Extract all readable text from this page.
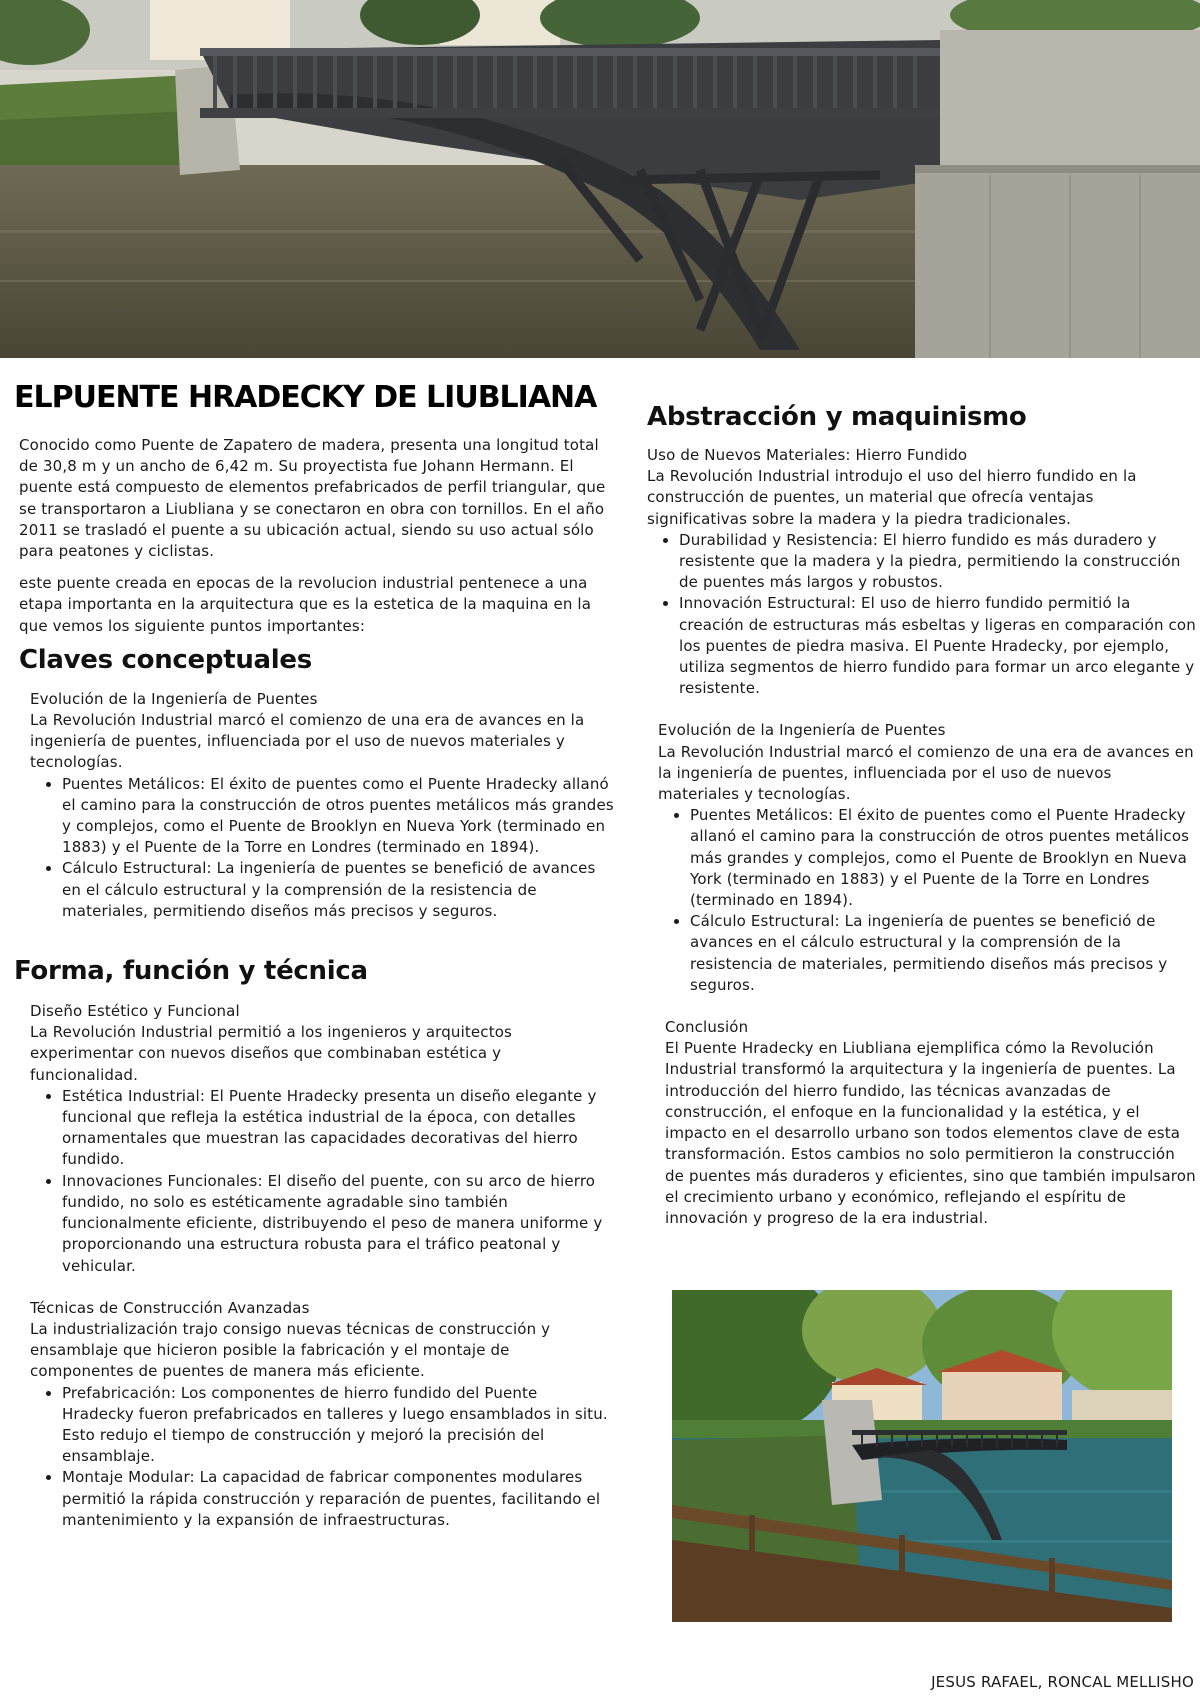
ELPUENTE HRADECKY DE LIUBLIANA

Conocido como Puente de Zapatero de madera, presenta una longitud total de 30,8 m y un ancho de 6,42 m. Su proyectista fue Johann Hermann. El puente está compuesto de elementos prefabricados de perfil triangular, que se transportaron a Liubliana y se conectaron en obra con tornillos. En el año 2011 se trasladó el puente a su ubicación actual, siendo su uso actual sólo para peatones y ciclistas.

este puente creada en epocas de la revolucion industrial pentenece a una etapa importanta en la arquitectura que es la estetica de la maquina en la que vemos los siguiente puntos importantes:

Claves conceptuales
Evolución de la Ingeniería de Puentes

La Revolución Industrial marcó el comienzo de una era de avances en la ingeniería de puentes, influenciada por el uso de nuevos materiales y tecnologías.

• Puentes Metálicos: El éxito de puentes como el Puente Hradecky allanó el camino para la construcción de otros puentes metálicos más grandes y complejos, como el Puente de Brooklyn en Nueva York (terminado en 1883) y el Puente de la Torre en Londres (terminado en 1894).
• Cálculo Estructural: La ingeniería de puentes se benefició de avances en el cálculo estructural y la comprensión de la resistencia de materiales, permitiendo diseños más precisos y seguros.
Forma, función y técnica
Diseño Estético y Funcional

La Revolución Industrial permitió a los ingenieros y arquitectos experimentar con nuevos diseños que combinaban estética y funcionalidad.

• Estética Industrial: El Puente Hradecky presenta un diseño elegante y funcional que refleja la estética industrial de la época, con detalles ornamentales que muestran las capacidades decorativas del hierro fundido.
• Innovaciones Funcionales: El diseño del puente, con su arco de hierro fundido, no solo es estéticamente agradable sino también funcionalmente eficiente, distribuyendo el peso de manera uniforme y proporcionando una estructura robusta para el tráfico peatonal y vehicular.
Técnicas de Construcción Avanzadas

La industrialización trajo consigo nuevas técnicas de construcción y ensamblaje que hicieron posible la fabricación y el montaje de componentes de puentes de manera más eficiente.

• Prefabricación: Los componentes de hierro fundido del Puente Hradecky fueron prefabricados en talleres y luego ensamblados in situ. Esto redujo el tiempo de construcción y mejoró la precisión del ensamblaje.
• Montaje Modular: La capacidad de fabricar componentes modulares permitió la rápida construcción y reparación de puentes, facilitando el mantenimiento y la expansión de infraestructuras.
Abstracción y maquinismo
Uso de Nuevos Materiales: Hierro Fundido

La Revolución Industrial introdujo el uso del hierro fundido en la construcción de puentes, un material que ofrecía ventajas significativas sobre la madera y la piedra tradicionales.

• Durabilidad y Resistencia: El hierro fundido es más duradero y resistente que la madera y la piedra, permitiendo la construcción de puentes más largos y robustos.
• Innovación Estructural: El uso de hierro fundido permitió la creación de estructuras más esbeltas y ligeras en comparación con los puentes de piedra masiva. El Puente Hradecky, por ejemplo, utiliza segmentos de hierro fundido para formar un arco elegante y resistente.
Evolución de la Ingeniería de Puentes

La Revolución Industrial marcó el comienzo de una era de avances en la ingeniería de puentes, influenciada por el uso de nuevos materiales y tecnologías.

• Puentes Metálicos: El éxito de puentes como el Puente Hradecky allanó el camino para la construcción de otros puentes metálicos más grandes y complejos, como el Puente de Brooklyn en Nueva York (terminado en 1883) y el Puente de la Torre en Londres (terminado en 1894).
• Cálculo Estructural: La ingeniería de puentes se benefició de avances en el cálculo estructural y la comprensión de la resistencia de materiales, permitiendo diseños más precisos y seguros.
Conclusión

El Puente Hradecky en Liubliana ejemplifica cómo la Revolución Industrial transformó la arquitectura y la ingeniería de puentes. La introducción del hierro fundido, las técnicas avanzadas de construcción, el enfoque en la funcionalidad y la estética, y el impacto en el desarrollo urbano son todos elementos clave de esta transformación. Estos cambios no solo permitieron la construcción de puentes más duraderos y eficientes, sino que también impulsaron el crecimiento urbano y económico, reflejando el espíritu de innovación y progreso de la era industrial.

JESUS RAFAEL, RONCAL MELLISHO
